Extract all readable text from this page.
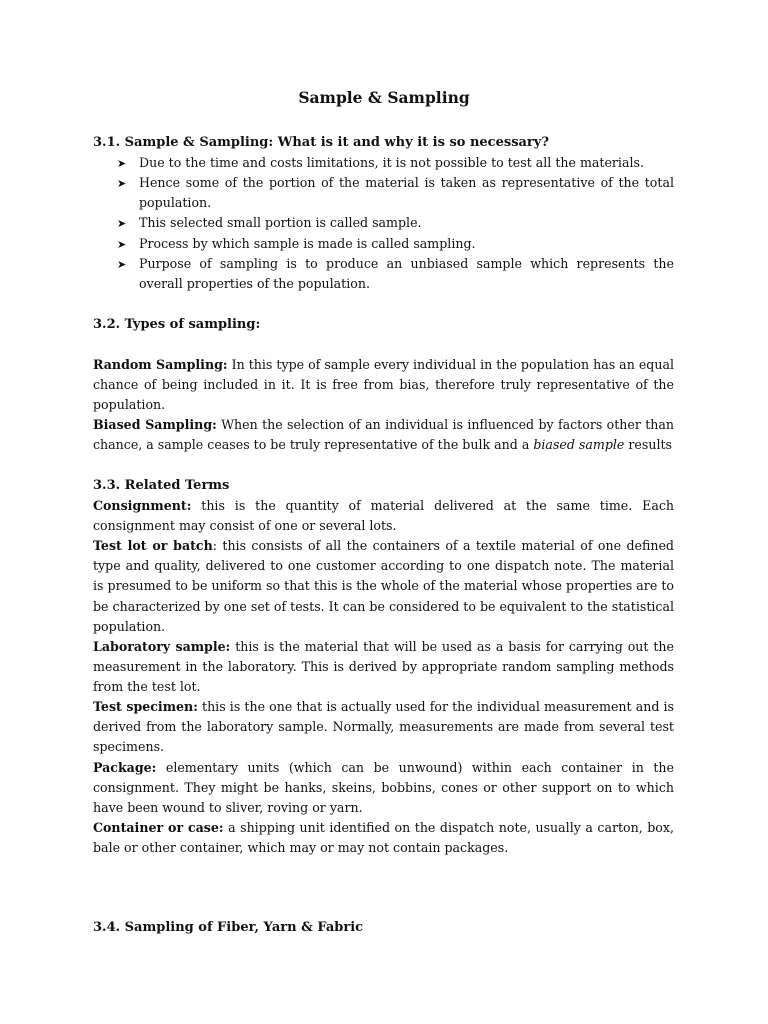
Sample & Sampling
3.1. Sample & Sampling: What is it and why it is so necessary?
➤ Due to the time and costs limitations, it is not possible to test all the materials.
➤ Hence some of the portion of the material is taken as representative of the total population.
➤ This selected small portion is called sample.
➤ Process by which sample is made is called sampling.
➤ Purpose of sampling is to produce an unbiased sample which represents the overall properties of the population.
3.2. Types of sampling:
Random Sampling: In this type of sample every individual in the population has an equal chance of being included in it. It is free from bias, therefore truly representative of the population.
Biased Sampling: When the selection of an individual is influenced by factors other than chance, a sample ceases to be truly representative of the bulk and a biased sample results
3.3. Related Terms
Consignment: this is the quantity of material delivered at the same time. Each consignment may consist of one or several lots.
Test lot or batch: this consists of all the containers of a textile material of one defined type and quality, delivered to one customer according to one dispatch note. The material is presumed to be uniform so that this is the whole of the material whose properties are to be characterized by one set of tests. It can be considered to be equivalent to the statistical population.
Laboratory sample: this is the material that will be used as a basis for carrying out the measurement in the laboratory. This is derived by appropriate random sampling methods from the test lot.
Test specimen: this is the one that is actually used for the individual measurement and is derived from the laboratory sample. Normally, measurements are made from several test specimens.
Package: elementary units (which can be unwound) within each container in the consignment. They might be hanks, skeins, bobbins, cones or other support on to which have been wound to sliver, roving or yarn.
Container or case: a shipping unit identified on the dispatch note, usually a carton, box, bale or other container, which may or may not contain packages.
3.4. Sampling of Fiber, Yarn & Fabric
